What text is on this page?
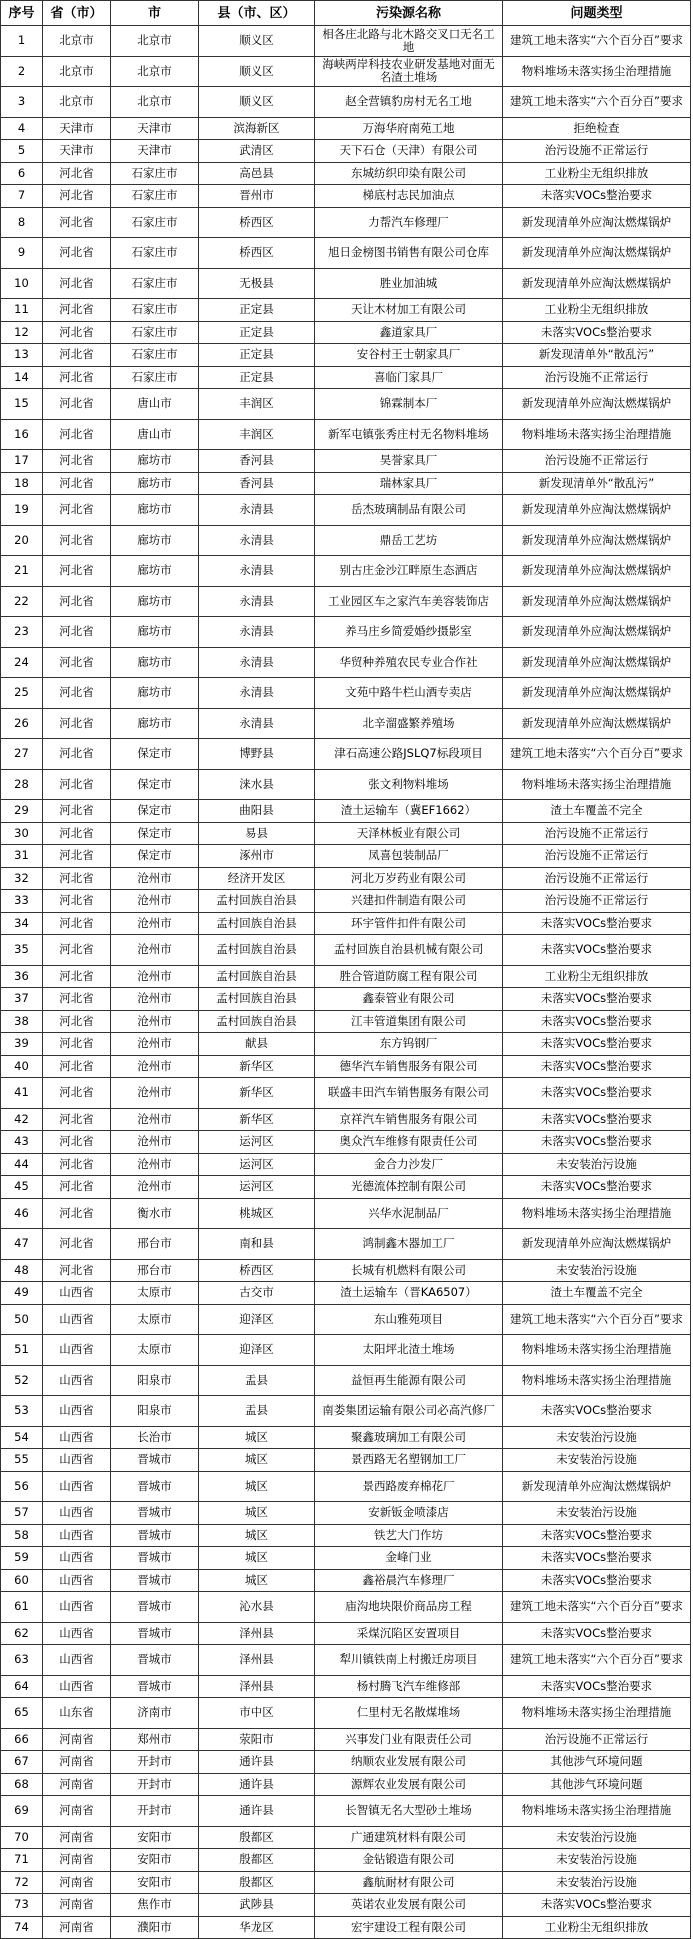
序号	省（市）	市	县（市、区）	污染源名称	问题类型
1	北京市	北京市	顺义区	相各庄北路与北木路交叉口无名工地	建筑工地未落实“六个百分百”要求
2	北京市	北京市	顺义区	海峡两岸科技农业研发基地对面无名渣土堆场	物料堆场未落实扬尘治理措施
3	北京市	北京市	顺义区	赵全营镇豹房村无名工地	建筑工地未落实“六个百分百”要求
4	天津市	天津市	滨海新区	万海华府南苑工地	拒绝检查
5	天津市	天津市	武清区	天下石仓（天津）有限公司	治污设施不正常运行
6	河北省	石家庄市	高邑县	东城纺织印染有限公司	工业粉尘无组织排放
7	河北省	石家庄市	晋州市	梯底村志民加油点	未落实VOCs整治要求
8	河北省	石家庄市	桥西区	力帮汽车修理厂	新发现清单外应淘汰燃煤锅炉
9	河北省	石家庄市	桥西区	旭日金榜图书销售有限公司仓库	新发现清单外应淘汰燃煤锅炉
10	河北省	石家庄市	无极县	胜业加油城	新发现清单外应淘汰燃煤锅炉
11	河北省	石家庄市	正定县	天让木材加工有限公司	工业粉尘无组织排放
12	河北省	石家庄市	正定县	鑫道家具厂	未落实VOCs整治要求
13	河北省	石家庄市	正定县	安谷村王士朝家具厂	新发现清单外“散乱污”
14	河北省	石家庄市	正定县	喜临门家具厂	治污设施不正常运行
15	河北省	唐山市	丰润区	锦霖制本厂	新发现清单外应淘汰燃煤锅炉
16	河北省	唐山市	丰润区	新军屯镇张秀庄村无名物料堆场	物料堆场未落实扬尘治理措施
17	河北省	廊坊市	香河县	昊誉家具厂	治污设施不正常运行
18	河北省	廊坊市	香河县	瑞林家具厂	新发现清单外“散乱污”
19	河北省	廊坊市	永清县	岳杰玻璃制品有限公司	新发现清单外应淘汰燃煤锅炉
20	河北省	廊坊市	永清县	鼎岳工艺坊	新发现清单外应淘汰燃煤锅炉
21	河北省	廊坊市	永清县	别古庄金沙江畔原生态酒店	新发现清单外应淘汰燃煤锅炉
22	河北省	廊坊市	永清县	工业园区车之家汽车美容装饰店	新发现清单外应淘汰燃煤锅炉
23	河北省	廊坊市	永清县	养马庄乡简爱婚纱摄影室	新发现清单外应淘汰燃煤锅炉
24	河北省	廊坊市	永清县	华贸种养殖农民专业合作社	新发现清单外应淘汰燃煤锅炉
25	河北省	廊坊市	永清县	文苑中路牛栏山酒专卖店	新发现清单外应淘汰燃煤锅炉
26	河北省	廊坊市	永清县	北辛溜盛繁养殖场	新发现清单外应淘汰燃煤锅炉
27	河北省	保定市	博野县	津石高速公路JSLQ7标段项目	建筑工地未落实“六个百分百”要求
28	河北省	保定市	涞水县	张文利物料堆场	物料堆场未落实扬尘治理措施
29	河北省	保定市	曲阳县	渣土运输车（冀EF1662）	渣土车覆盖不完全
30	河北省	保定市	易县	天泽林板业有限公司	治污设施不正常运行
31	河北省	保定市	涿州市	凤喜包装制品厂	治污设施不正常运行
32	河北省	沧州市	经济开发区	河北万岁药业有限公司	治污设施不正常运行
33	河北省	沧州市	孟村回族自治县	兴建扣件制造有限公司	治污设施不正常运行
34	河北省	沧州市	孟村回族自治县	环宇管件扣件有限公司	未落实VOCs整治要求
35	河北省	沧州市	孟村回族自治县	孟村回族自治县机械有限公司	未落实VOCs整治要求
36	河北省	沧州市	孟村回族自治县	胜合管道防腐工程有限公司	工业粉尘无组织排放
37	河北省	沧州市	孟村回族自治县	鑫泰管业有限公司	未落实VOCs整治要求
38	河北省	沧州市	孟村回族自治县	江丰管道集团有限公司	未落实VOCs整治要求
39	河北省	沧州市	献县	东方钨钢厂	未落实VOCs整治要求
40	河北省	沧州市	新华区	德华汽车销售服务有限公司	未落实VOCs整治要求
41	河北省	沧州市	新华区	联盛丰田汽车销售服务有限公司	未落实VOCs整治要求
42	河北省	沧州市	新华区	京祥汽车销售服务有限公司	未落实VOCs整治要求
43	河北省	沧州市	运河区	奥众汽车维修有限责任公司	未落实VOCs整治要求
44	河北省	沧州市	运河区	金合力沙发厂	未安装治污设施
45	河北省	沧州市	运河区	光德流体控制有限公司	未落实VOCs整治要求
46	河北省	衡水市	桃城区	兴华水泥制品厂	物料堆场未落实扬尘治理措施
47	河北省	邢台市	南和县	鸿制鑫木器加工厂	新发现清单外应淘汰燃煤锅炉
48	河北省	邢台市	桥西区	长城有机燃料有限公司	未安装治污设施
49	山西省	太原市	古交市	渣土运输车（晋KA6507）	渣土车覆盖不完全
50	山西省	太原市	迎泽区	东山雅苑项目	建筑工地未落实“六个百分百”要求
51	山西省	太原市	迎泽区	太阳坪北渣土堆场	物料堆场未落实扬尘治理措施
52	山西省	阳泉市	盂县	益恒再生能源有限公司	物料堆场未落实扬尘治理措施
53	山西省	阳泉市	盂县	南娄集团运输有限公司必高汽修厂	未落实VOCs整治要求
54	山西省	长治市	城区	聚鑫玻璃加工有限公司	未安装治污设施
55	山西省	晋城市	城区	景西路无名塑钢加工厂	未安装治污设施
56	山西省	晋城市	城区	景西路废弃棉花厂	新发现清单外应淘汰燃煤锅炉
57	山西省	晋城市	城区	安新钣金喷漆店	未安装治污设施
58	山西省	晋城市	城区	铁艺大门作坊	未落实VOCs整治要求
59	山西省	晋城市	城区	金峰门业	未落实VOCs整治要求
60	山西省	晋城市	城区	鑫裕晨汽车修理厂	未落实VOCs整治要求
61	山西省	晋城市	沁水县	庙沟地块限价商品房工程	建筑工地未落实“六个百分百”要求
62	山西省	晋城市	泽州县	采煤沉陷区安置项目	未落实VOCs整治要求
63	山西省	晋城市	泽州县	犁川镇铁南上村搬迁房项目	建筑工地未落实“六个百分百”要求
64	山西省	晋城市	泽州县	杨村腾飞汽车维修部	未落实VOCs整治要求
65	山东省	济南市	市中区	仁里村无名散煤堆场	物料堆场未落实扬尘治理措施
66	河南省	郑州市	荥阳市	兴事发门业有限责任公司	治污设施不正常运行
67	河南省	开封市	通许县	纳顺农业发展有限公司	其他涉气环境问题
68	河南省	开封市	通许县	源辉农业发展有限公司	其他涉气环境问题
69	河南省	开封市	通许县	长智镇无名大型砂土堆场	物料堆场未落实扬尘治理措施
70	河南省	安阳市	殷都区	广通建筑材料有限公司	未安装治污设施
71	河南省	安阳市	殷都区	金钻锻造有限公司	未安装治污设施
72	河南省	安阳市	殷都区	鑫航耐材有限公司	未安装治污设施
73	河南省	焦作市	武陟县	英诺农业发展有限公司	未落实VOCs整治要求
74	河南省	濮阳市	华龙区	宏宇建设工程有限公司	工业粉尘无组织排放
